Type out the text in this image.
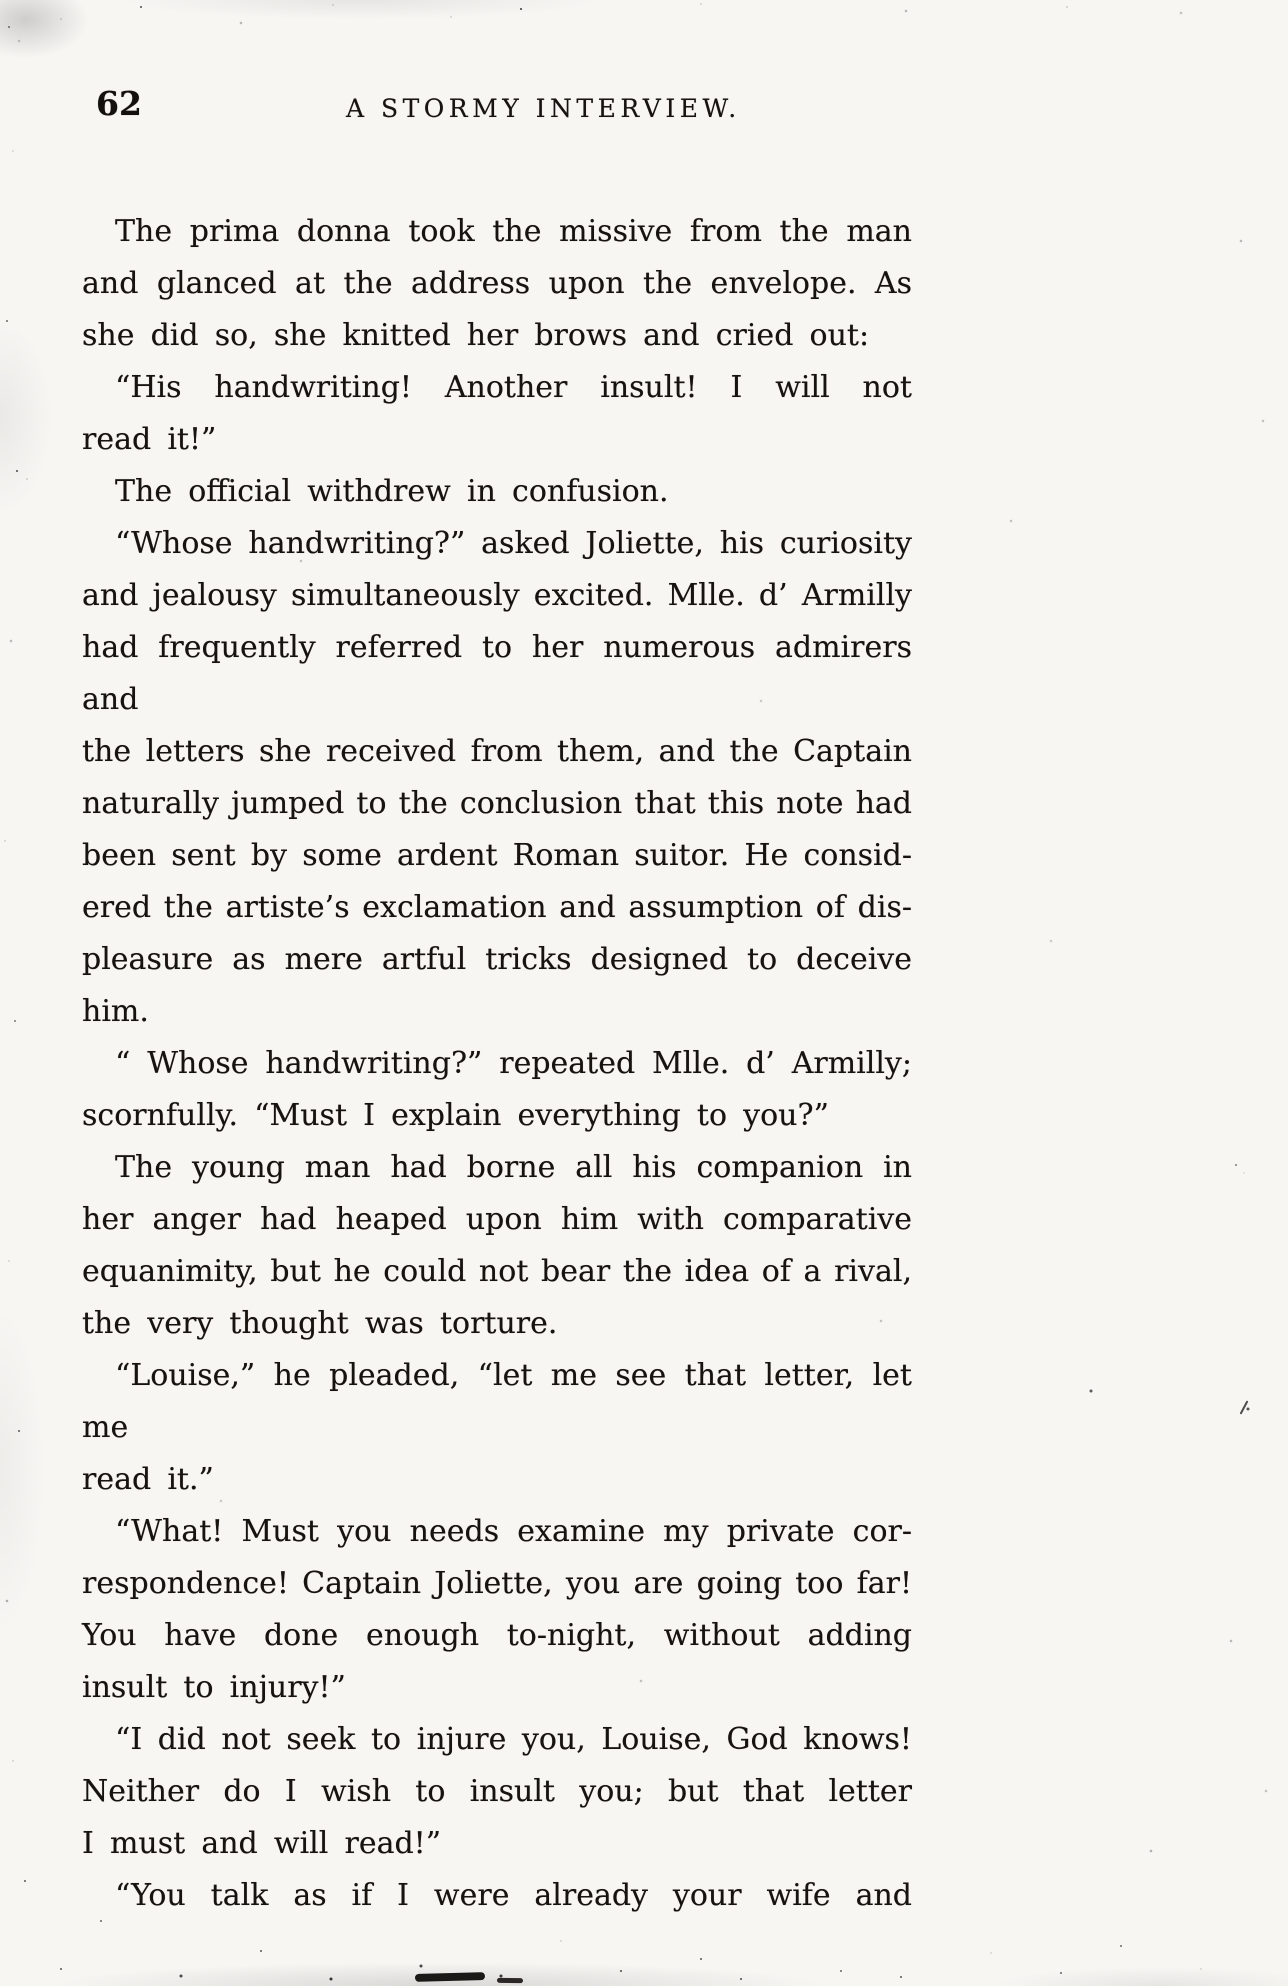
62	A STORMY INTERVIEW.
The prima donna took the missive from the man
and glanced at the address upon the envelope. As
she did so, she knitted her brows and cried out:
“His handwriting! Another insult! I will not
read it!”
The official withdrew in confusion.
“Whose handwriting?” asked Joliette, his curiosity
and jealousy simultaneously excited. Mlle. d’ Armilly
had frequently referred to her numerous admirers and
the letters she received from them, and the Captain
naturally jumped to the conclusion that this note had
been sent by some ardent Roman suitor. He consid-
ered the artiste’s exclamation and assumption of dis-
pleasure as mere artful tricks designed to deceive
him.
“ Whose handwriting?” repeated Mlle. d’ Armilly;
scornfully. “Must I explain everything to you?”
The young man had borne all his companion in
her anger had heaped upon him with comparative
equanimity, but he could not bear the idea of a rival,
the very thought was torture.
“Louise,” he pleaded, “let me see that letter, let me
read it.”
“What! Must you needs examine my private cor-
respondence! Captain Joliette, you are going too far!
You have done enough to-night, without adding
insult to injury!”
“I did not seek to injure you, Louise, God knows!
Neither do I wish to insult you; but that letter
I must and will read!”
“You talk as if I were already your wife and
